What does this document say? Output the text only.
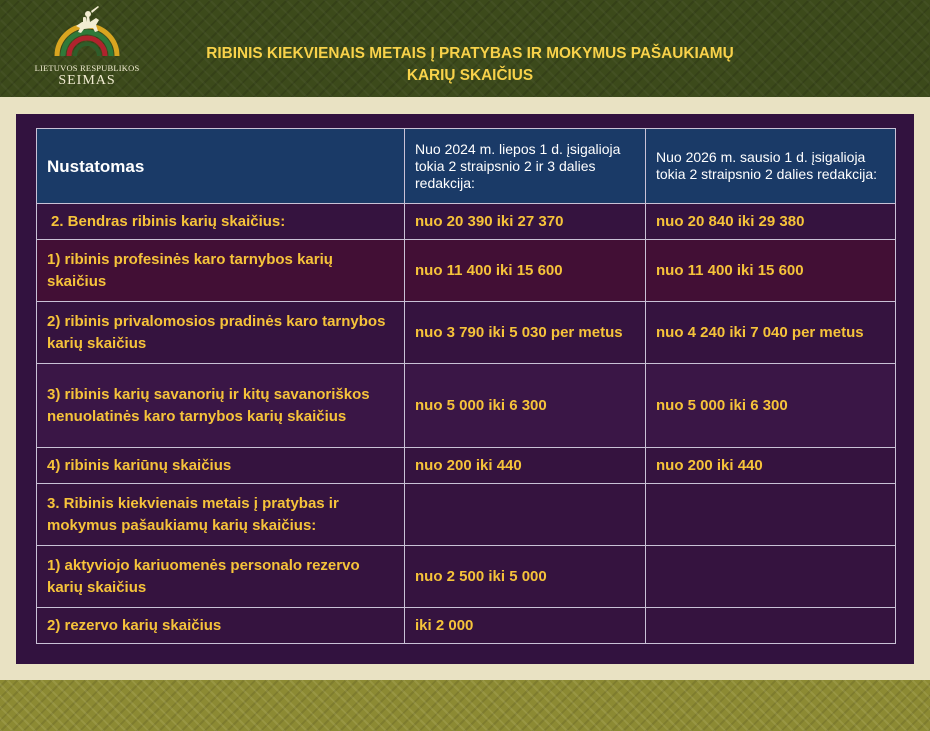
LIETUVOS RESPUBLIKOS
SEIMAS
RIBINIS KIEKVIENAIS METAIS Į PRATYBAS IR MOKYMUS PAŠAUKIAMŲ
KARIŲ SKAIČIUS
Nustatomas	Nuo 2024 m. liepos 1 d. įsigalioja tokia 2 straipsnio 2 ir 3 dalies redakcija:	Nuo 2026 m. sausio 1 d. įsigalioja tokia 2 straipsnio 2 dalies redakcija:
2. Bendras ribinis karių skaičius:	nuo 20 390 iki 27 370	nuo 20 840 iki 29 380
1) ribinis profesinės karo tarnybos karių skaičius	nuo 11 400 iki 15 600	nuo 11 400 iki 15 600
2) ribinis privalomosios pradinės karo tarnybos karių skaičius	nuo 3 790 iki 5 030 per metus	nuo 4 240 iki 7 040 per metus
3) ribinis karių savanorių ir kitų savanoriškos nenuolatinės karo tarnybos karių skaičius	nuo 5 000 iki 6 300	nuo 5 000 iki 6 300
4) ribinis kariūnų skaičius	nuo 200 iki 440	nuo 200 iki 440
3. Ribinis kiekvienais metais į pratybas ir mokymus pašaukiamų karių skaičius:		
1) aktyviojo kariuomenės personalo rezervo karių skaičius	nuo 2 500 iki 5 000	
2) rezervo karių skaičius	iki 2 000	
